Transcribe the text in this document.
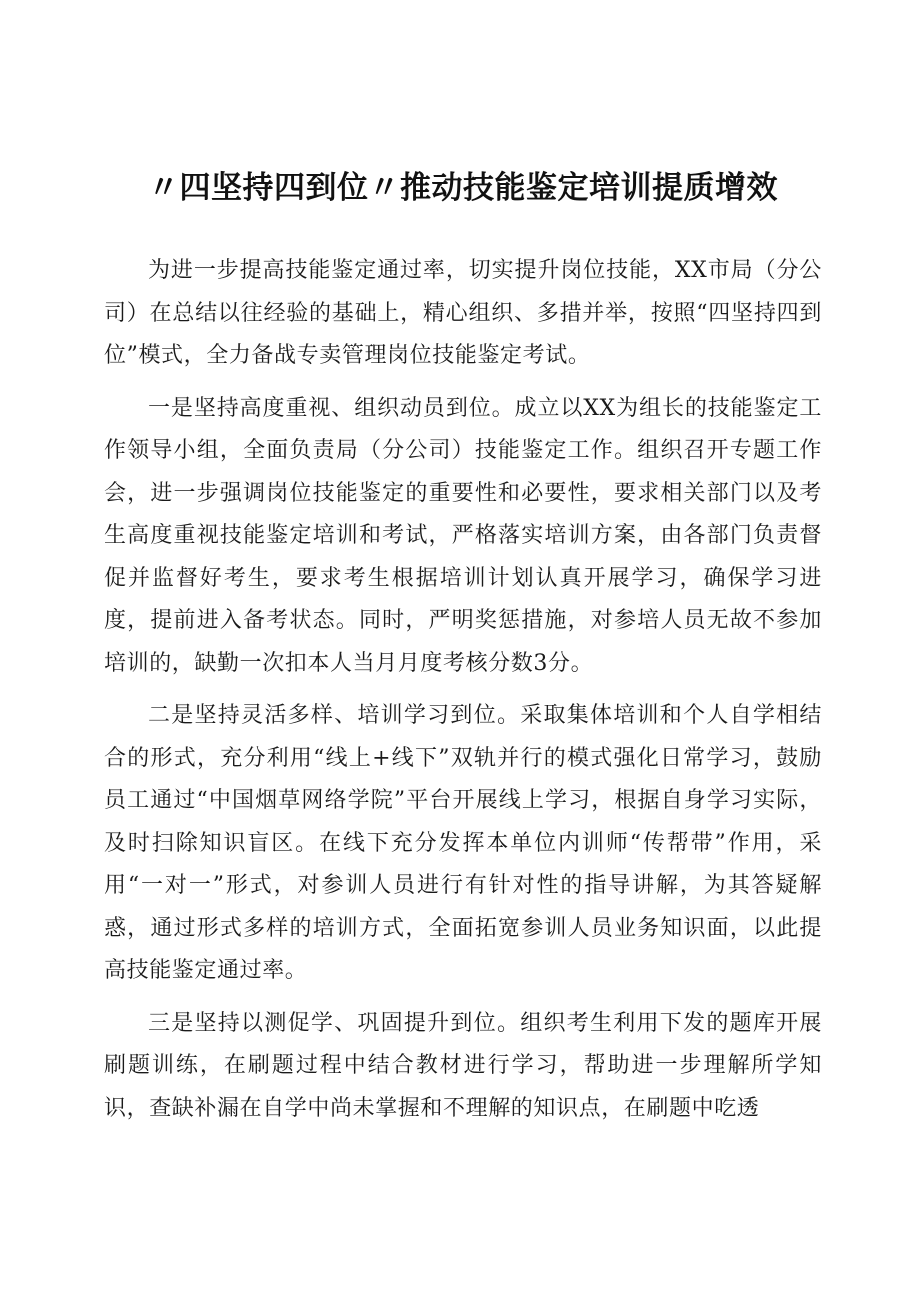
〃四坚持四到位〃推动技能鉴定培训提质增效

为进一步提高技能鉴定通过率，切实提升岗位技能，XX市局（分公司）在总结以往经验的基础上，精心组织、多措并举，按照“四坚持四到位”模式，全力备战专卖管理岗位技能鉴定考试。

一是坚持高度重视、组织动员到位。成立以XX为组长的技能鉴定工作领导小组，全面负责局（分公司）技能鉴定工作。组织召开专题工作会，进一步强调岗位技能鉴定的重要性和必要性，要求相关部门以及考生高度重视技能鉴定培训和考试，严格落实培训方案，由各部门负责督促并监督好考生，要求考生根据培训计划认真开展学习，确保学习进度，提前进入备考状态。同时，严明奖惩措施，对参培人员无故不参加培训的，缺勤一次扣本人当月月度考核分数3分。

二是坚持灵活多样、培训学习到位。采取集体培训和个人自学相结合的形式，充分利用“线上+线下”双轨并行的模式强化日常学习，鼓励员工通过“中国烟草网络学院”平台开展线上学习，根据自身学习实际，及时扫除知识盲区。在线下充分发挥本单位内训师“传帮带”作用，采用“一对一”形式，对参训人员进行有针对性的指导讲解，为其答疑解惑，通过形式多样的培训方式，全面拓宽参训人员业务知识面，以此提高技能鉴定通过率。

三是坚持以测促学、巩固提升到位。组织考生利用下发的题库开展刷题训练，在刷题过程中结合教材进行学习，帮助进一步理解所学知识，查缺补漏在自学中尚未掌握和不理解的知识点，在刷题中吃透
